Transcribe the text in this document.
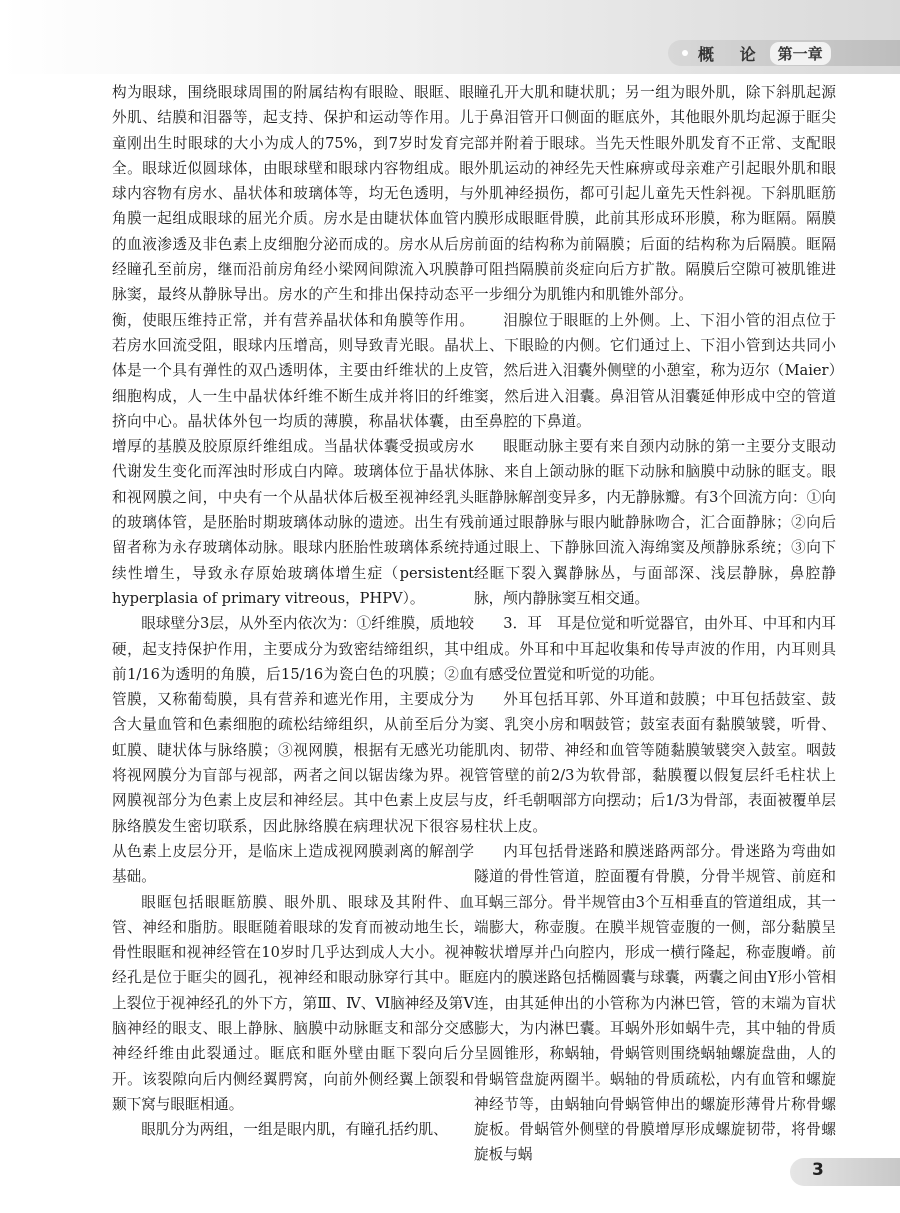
概 论 第一章

构为眼球，围绕眼球周围的附属结构有眼睑、眼眶、眼外肌、结膜和泪器等，起支持、保护和运动等作用。儿童刚出生时眼球的大小为成人的75%，到7岁时发育完全。眼球近似圆球体，由眼球壁和眼球内容物组成。眼球内容物有房水、晶状体和玻璃体等，均无色透明，与角膜一起组成眼球的屈光介质。房水是由睫状体血管内的血液渗透及非色素上皮细胞分泌而成的。房水从后房经瞳孔至前房，继而沿前房角经小梁网间隙流入巩膜静脉窦，最终从静脉导出。房水的产生和排出保持动态平衡，使眼压维持正常，并有营养晶状体和角膜等作用。若房水回流受阻，眼球内压增高，则导致青光眼。晶状体是一个具有弹性的双凸透明体，主要由纤维状的上皮细胞构成，人一生中晶状体纤维不断生成并将旧的纤维挤向中心。晶状体外包一均质的薄膜，称晶状体囊，由增厚的基膜及胶原原纤维组成。当晶状体囊受损或房水代谢发生变化而浑浊时形成白内障。玻璃体位于晶状体和视网膜之间，中央有一个从晶状体后极至视神经乳头的玻璃体管，是胚胎时期玻璃体动脉的遗迹。出生有残留者称为永存玻璃体动脉。眼球内胚胎性玻璃体系统持续性增生，导致永存原始玻璃体增生症（persistent hyperplasia of primary vitreous，PHPV）。

眼球壁分3层，从外至内依次为：①纤维膜，质地较硬，起支持保护作用，主要成分为致密结缔组织，其中前1/16为透明的角膜，后15/16为瓷白色的巩膜；②血管膜，又称葡萄膜，具有营养和遮光作用，主要成分为含大量血管和色素细胞的疏松结缔组织，从前至后分为虹膜、睫状体与脉络膜；③视网膜，根据有无感光功能将视网膜分为盲部与视部，两者之间以锯齿缘为界。视网膜视部分为色素上皮层和神经层。其中色素上皮层与脉络膜发生密切联系，因此脉络膜在病理状况下很容易从色素上皮层分开，是临床上造成视网膜剥离的解剖学基础。

眼眶包括眼眶筋膜、眼外肌、眼球及其附件、血管、神经和脂肪。眼眶随着眼球的发育而被动地生长，骨性眼眶和视神经管在10岁时几乎达到成人大小。视神经孔是位于眶尖的圆孔，视神经和眼动脉穿行其中。眶上裂位于视神经孔的外下方，第Ⅲ、Ⅳ、Ⅵ脑神经及第Ⅴ脑神经的眼支、眼上静脉、脑膜中动脉眶支和部分交感神经纤维由此裂通过。眶底和眶外壁由眶下裂向后分开。该裂隙向后内侧经翼腭窝，向前外侧经翼上颌裂和颞下窝与眼眶相通。

眼肌分为两组，一组是眼内肌，有瞳孔括约肌、

瞳孔开大肌和睫状肌；另一组为眼外肌，除下斜肌起源于鼻泪管开口侧面的眶底外，其他眼外肌均起源于眶尖部并附着于眼球。当先天性眼外肌发育不正常、支配眼外肌运动的神经先天性麻痹或母亲难产引起眼外肌和眼外肌神经损伤，都可引起儿童先天性斜视。下斜肌眶筋膜形成眼眶骨膜，此前其形成环形膜，称为眶隔。隔膜前面的结构称为前隔膜；后面的结构称为后隔膜。眶隔可阻挡隔膜前炎症向后方扩散。隔膜后空隙可被肌锥进一步细分为肌锥内和肌锥外部分。

泪腺位于眼眶的上外侧。上、下泪小管的泪点位于上、下眼睑的内侧。它们通过上、下泪小管到达共同小管，然后进入泪囊外侧壁的小憩室，称为迈尔（Maier）窦，然后进入泪囊。鼻泪管从泪囊延伸形成中空的管道至鼻腔的下鼻道。

眼眶动脉主要有来自颈内动脉的第一主要分支眼动脉、来自上颌动脉的眶下动脉和脑膜中动脉的眶支。眼眶静脉解剖变异多，内无静脉瓣。有3个回流方向：①向前通过眼静脉与眼内眦静脉吻合，汇合面静脉；②向后通过眼上、下静脉回流入海绵窦及颅静脉系统；③向下经眶下裂入翼静脉丛，与面部深、浅层静脉，鼻腔静脉，颅内静脉窦互相交通。

3．耳　耳是位觉和听觉器官，由外耳、中耳和内耳组成。外耳和中耳起收集和传导声波的作用，内耳则具有感受位置觉和听觉的功能。

外耳包括耳郭、外耳道和鼓膜；中耳包括鼓室、鼓窦、乳突小房和咽鼓管；鼓室表面有黏膜皱襞，听骨、肌肉、韧带、神经和血管等随黏膜皱襞突入鼓室。咽鼓管管壁的前2/3为软骨部，黏膜覆以假复层纤毛柱状上皮，纤毛朝咽部方向摆动；后1/3为骨部，表面被覆单层柱状上皮。

内耳包括骨迷路和膜迷路两部分。骨迷路为弯曲如隧道的骨性管道，腔面覆有骨膜，分骨半规管、前庭和耳蜗三部分。骨半规管由3个互相垂直的管道组成，其一端膨大，称壶腹。在膜半规管壶腹的一侧，部分黏膜呈鞍状增厚并凸向腔内，形成一横行隆起，称壶腹嵴。前庭内的膜迷路包括椭圆囊与球囊，两囊之间由Y形小管相连，由其延伸出的小管称为内淋巴管，管的末端为盲状膨大，为内淋巴囊。耳蜗外形如蜗牛壳，其中轴的骨质呈圆锥形，称蜗轴，骨蜗管则围绕蜗轴螺旋盘曲，人的骨蜗管盘旋两圈半。蜗轴的骨质疏松，内有血管和螺旋神经节等，由蜗轴向骨蜗管伸出的螺旋形薄骨片称骨螺旋板。骨蜗管外侧壁的骨膜增厚形成螺旋韧带，将骨螺旋板与蜗

3
